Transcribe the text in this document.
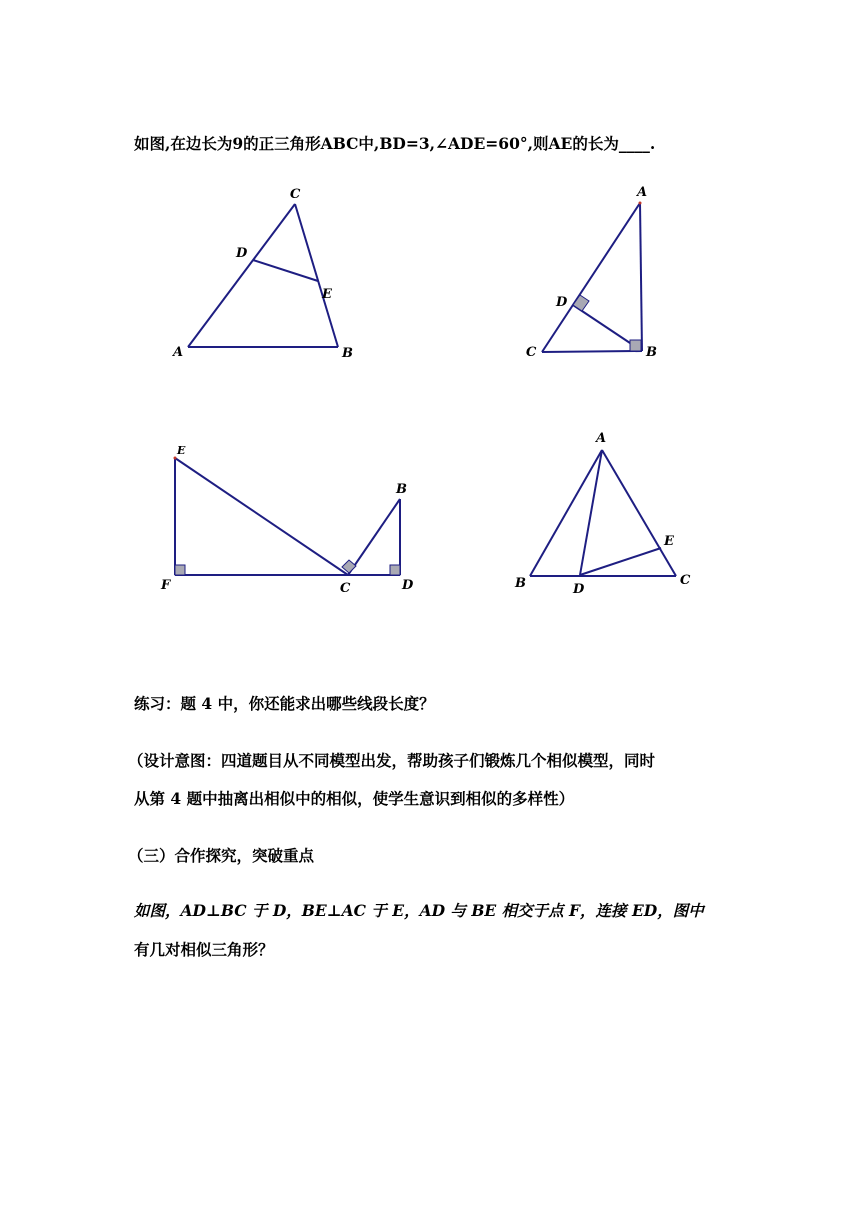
如图,在边长为9的正三角形ABC中,BD=3,∠ADE=60°,则AE的长为____.
C
D
E
A	B
A
D
C	B
E
B
F	C	D
A
E
B	D
C
练习：题 4 中，你还能求出哪些线段长度？
（设计意图：四道题目从不同模型出发，帮助孩子们锻炼几个相似模型，同时
从第 4 题中抽离出相似中的相似，使学生意识到相似的多样性）
（三）合作探究，突破重点
如图，AD⊥BC 于 D，BE⊥AC 于 E，AD 与 BE 相交于点 F，连接 ED，图中
有几对相似三角形？
